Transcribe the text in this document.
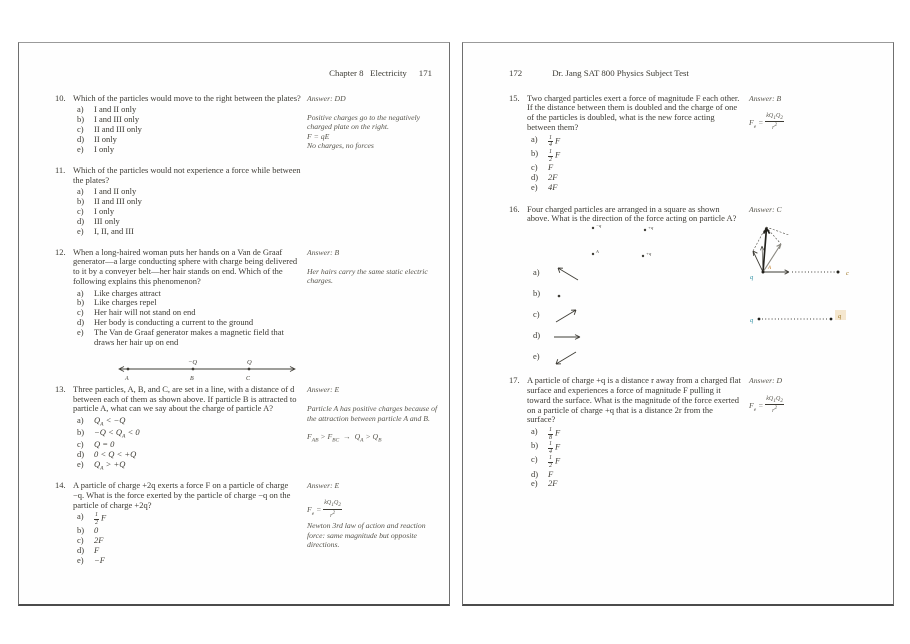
Chapter 8   Electricity 171
10. Which of the particles would move to the right between the plates?
a)	I and II only
b)	I and III only
c)	II and III only
d)	II only
e)	I only
Answer: DD
Positive charges go to the negatively charged plate on the right.
F = qE
No charges, no forces
11. Which of the particles would not experience a force while between the plates?
a)	I and II only
b)	II and III only
c)	I only
d)	III only
e)	I, II, and III
12. When a long-haired woman puts her hands on a Van de Graaf generator—a large conducting sphere with charge being delivered to it by a conveyer belt—her hair stands on end. Which of the following explains this phenomenon?
a)	Like charges attract
b)	Like charges repel
c)	Her hair will not stand on end
d)	Her body is conducting a current to the ground
e)	The Van de Graaf generator makes a magnetic field that draws her hair up on end
Answer: B
Her hairs carry the same static electric charges.
−Q	Q
A	B	C
13. Three particles, A, B, and C, are set in a line, with a distance of d between each of them as shown above. If particle B is attracted to particle A, what can we say about the charge of particle A?
a)	$Q_A < -Q$
b)	$-Q < Q_A < 0$
c)	Q = 0
d)	0 < Q < +Q
e)	$Q_A > +Q$
Answer: E
Particle A has positive charges because of the attraction between particle A and B.
$F_{AB} > F_{BC} \to Q_A > Q_B$
14. A particle of charge +2q exerts a force F on a particle of charge −q. What is the force exerted by the particle of charge −q on the particle of charge +2q?
a)	$\frac{1}{2}$ F
b)	0
c)	2F
d)	F
e)	−F
Answer: E
$F_e = \frac{kQ_1Q_2}{r^2}$
Newton 3rd law of action and reaction force: same magnitude but opposite directions.
172	Dr. Jang SAT 800 Physics Subject Test
15. Two charged particles exert a force of magnitude F each other. If the distance between them is doubled and the charge of one of the particles is doubled, what is the new force acting between them?
a)	$\frac{1}{4}$ F
b)	$\frac{1}{2}$ F
c)	F
d)	2F
e)	4F
Answer: B
$F_e = \frac{kQ_1Q_2}{r^2}$
16. Four charged particles are arranged in a square as shown above. What is the direction of the force acting on particle A?
−q	+q
A	+q
a)
b)
c)
d)
e)
Answer: C
q
A
c
q
q
17. A particle of charge +q is a distance r away from a charged flat surface and experiences a force of magnitude F pulling it toward the surface. What is the magnitude of the force exerted on a particle of charge +q that is a distance 2r from the surface?
a)	$\frac{1}{8}$ F
b)	$\frac{1}{4}$ F
c)	$\frac{1}{2}$ F
d)	F
e)	2F
Answer: D
$F_e = \frac{kQ_1Q_2}{r^2}$
